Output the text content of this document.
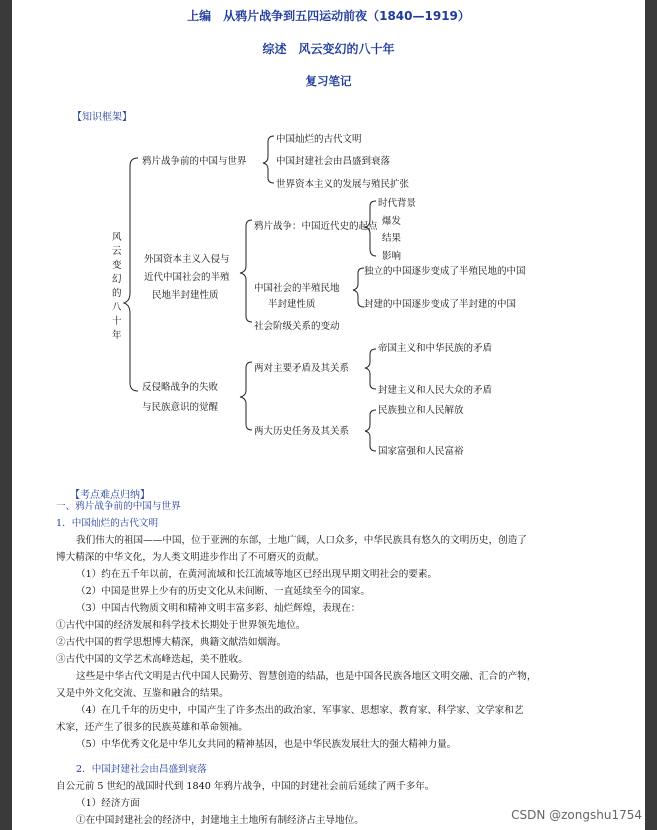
上编　从鸦片战争到五四运动前夜（1840—1919）
综述　风云变幻的八十年
复习笔记
【知识框架】
风云变幻的八十年
鸦片战争前的中国与世界
中国灿烂的古代文明
中国封建社会由昌盛到衰落
世界资本主义的发展与殖民扩张
外国资本主义入侵与
近代中国社会的半殖
民地半封建性质
鸦片战争：中国近代史的起点
时代背景
爆发
结果
影响
中国社会的半殖民地
半封建性质
独立的中国逐步变成了半殖民地的中国
封建的中国逐步变成了半封建的中国
社会阶级关系的变动
反侵略战争的失败
与民族意识的觉醒
两对主要矛盾及其关系
帝国主义和中华民族的矛盾
封建主义和人民大众的矛盾
两大历史任务及其关系
民族独立和人民解放
国家富强和人民富裕
【考点难点归纳】
一、鸦片战争前的中国与世界
1．中国灿烂的古代文明
我们伟大的祖国——中国，位于亚洲的东部，土地广阔，人口众多，中华民族具有悠久的文明历史，创造了
博大精深的中华文化，为人类文明进步作出了不可磨灭的贡献。
（1）约在五千年以前，在黄河流域和长江流域等地区已经出现早期文明社会的要素。
（2）中国是世界上少有的历史文化从未间断、一直延续至今的国家。
（3）中国古代物质文明和精神文明丰富多彩、灿烂辉煌，表现在：
①古代中国的经济发展和科学技术长期处于世界领先地位。
②古代中国的哲学思想博大精深，典籍文献浩如烟海。
③古代中国的文学艺术高峰迭起，美不胜收。
这些是中华古代文明是古代中国人民勤劳、智慧创造的结晶，也是中国各民族各地区文明交融、汇合的产物，
又是中外文化交流、互鉴和融合的结果。
（4）在几千年的历史中，中国产生了许多杰出的政治家、军事家、思想家、教育家、科学家、文学家和艺
术家，还产生了很多的民族英雄和革命领袖。
（5）中华优秀文化是中华儿女共同的精神基因，也是中华民族发展壮大的强大精神力量。
2．中国封建社会由昌盛到衰落
自公元前 5 世纪的战国时代到 1840 年鸦片战争，中国的封建社会前后延续了两千多年。
（1）经济方面
①在中国封建社会的经济中，封建地主土地所有制经济占主导地位。	CSDN @zongshu1754
